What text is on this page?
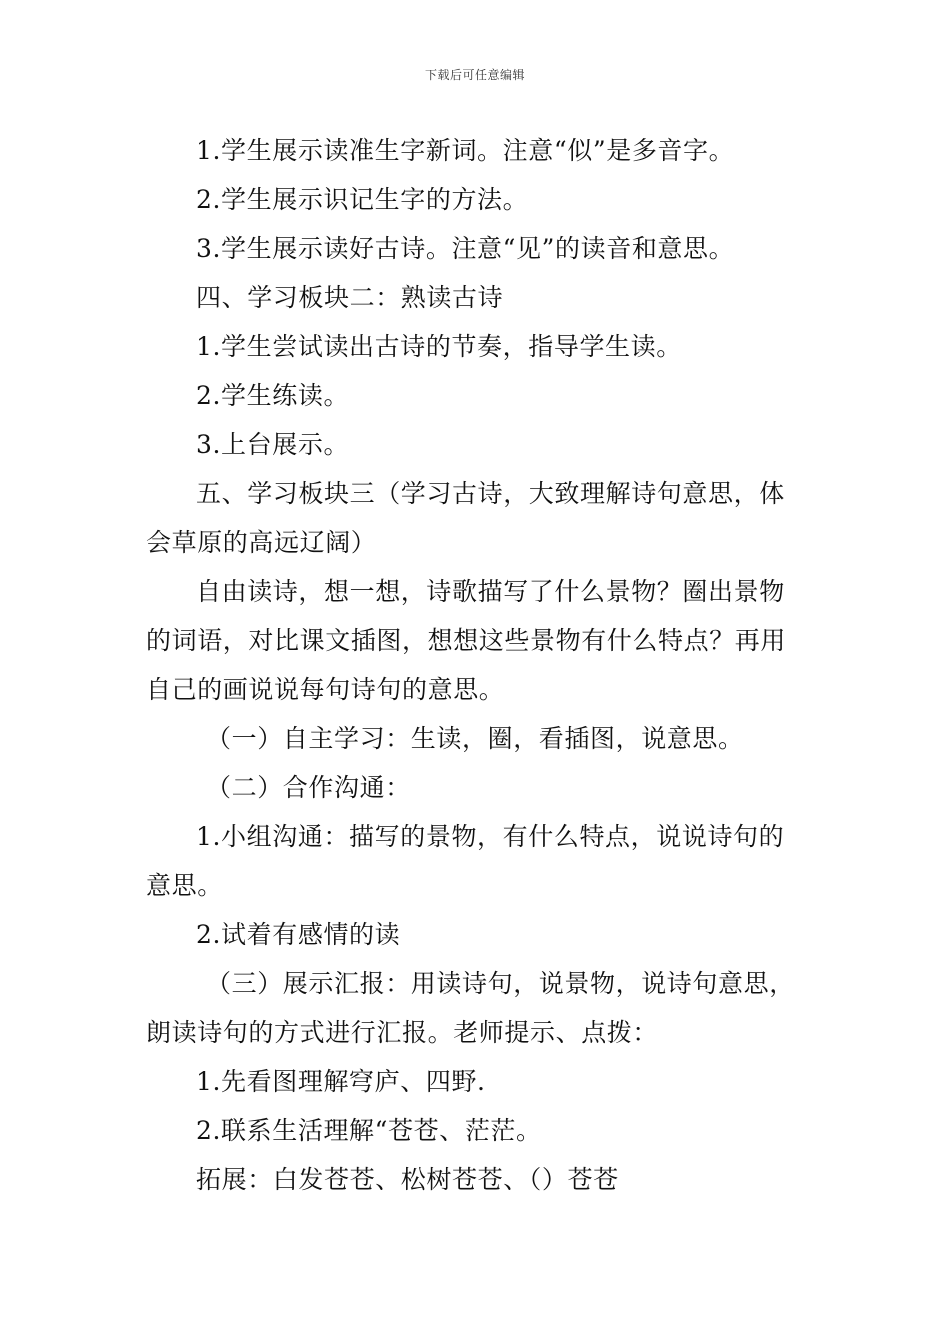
下载后可任意编辑

1.学生展示读准生字新词。注意“似”是多音字。

2.学生展示识记生字的方法。

3.学生展示读好古诗。注意“见”的读音和意思。

四、学习板块二：熟读古诗

1.学生尝试读出古诗的节奏，指导学生读。

2.学生练读。

3.上台展示。

五、学习板块三（学习古诗，大致理解诗句意思，体会草原的高远辽阔）

自由读诗，想一想，诗歌描写了什么景物？圈出景物的词语，对比课文插图，想想这些景物有什么特点？再用自己的画说说每句诗句的意思。

（一）自主学习：生读，圈，看插图，说意思。

（二）合作沟通：

1.小组沟通：描写的景物，有什么特点，说说诗句的意思。

2.试着有感情的读

（三）展示汇报：用读诗句，说景物，说诗句意思，朗读诗句的方式进行汇报。老师提示、点拨：

1.先看图理解穹庐、四野.

2.联系生活理解“苍苍、茫茫。

拓展：白发苍苍、松树苍苍、（）苍苍
